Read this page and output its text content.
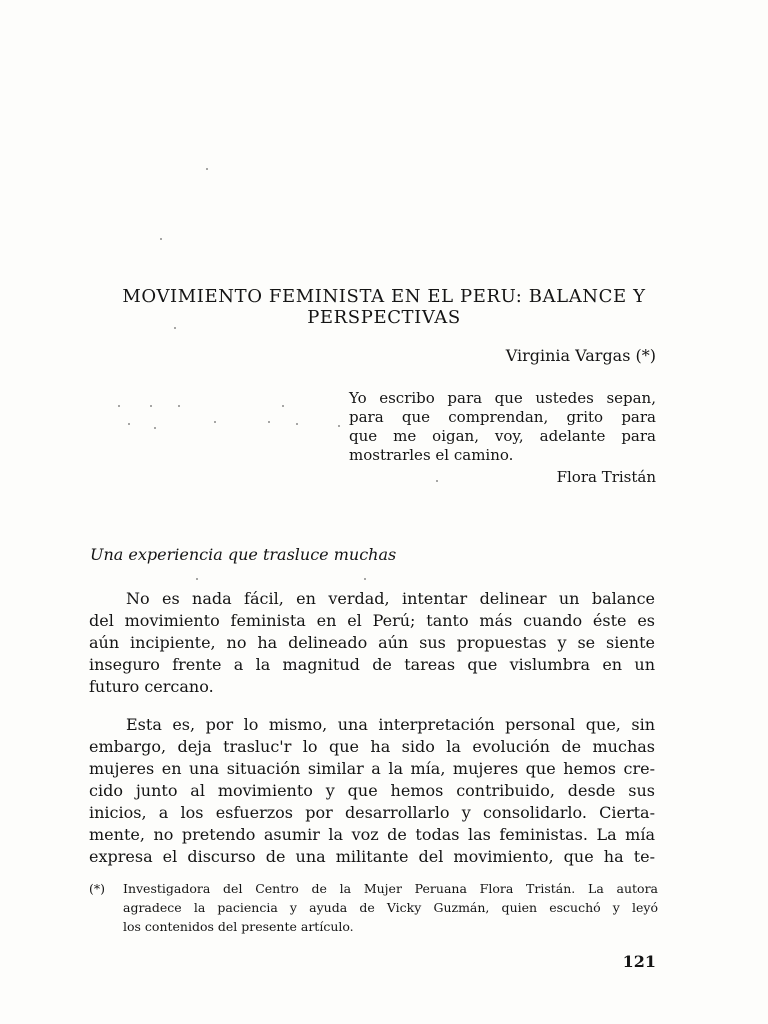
MOVIMIENTO FEMINISTA EN EL PERU: BALANCE Y
PERSPECTIVAS
Virginia Vargas (*)
Yo escribo para que ustedes sepan,
para que comprendan, grito para
que me oigan, voy, adelante para
mostrarles el camino.
Flora Tristán
Una experiencia que trasluce muchas
No es nada fácil, en verdad, intentar delinear un balance
del movimiento feminista en el Perú; tanto más cuando éste es
aún incipiente, no ha delineado aún sus propuestas y se siente
inseguro frente a la magnitud de tareas que vislumbra en un
futuro cercano.
Esta es, por lo mismo, una interpretación personal que, sin
embargo, deja trasluc'r lo que ha sido la evolución de muchas
mujeres en una situación similar a la mía, mujeres que hemos cre-
cido junto al movimiento y que hemos contribuido, desde sus
inicios, a los esfuerzos por desarrollarlo y consolidarlo. Cierta-
mente, no pretendo asumir la voz de todas las feministas. La mía
expresa el discurso de una militante del movimiento, que ha te-
(*) Investigadora del Centro de la Mujer Peruana Flora Tristán. La autora
agradece la paciencia y ayuda de Vicky Guzmán, quien escuchó y leyó
los contenidos del presente artículo.
121
